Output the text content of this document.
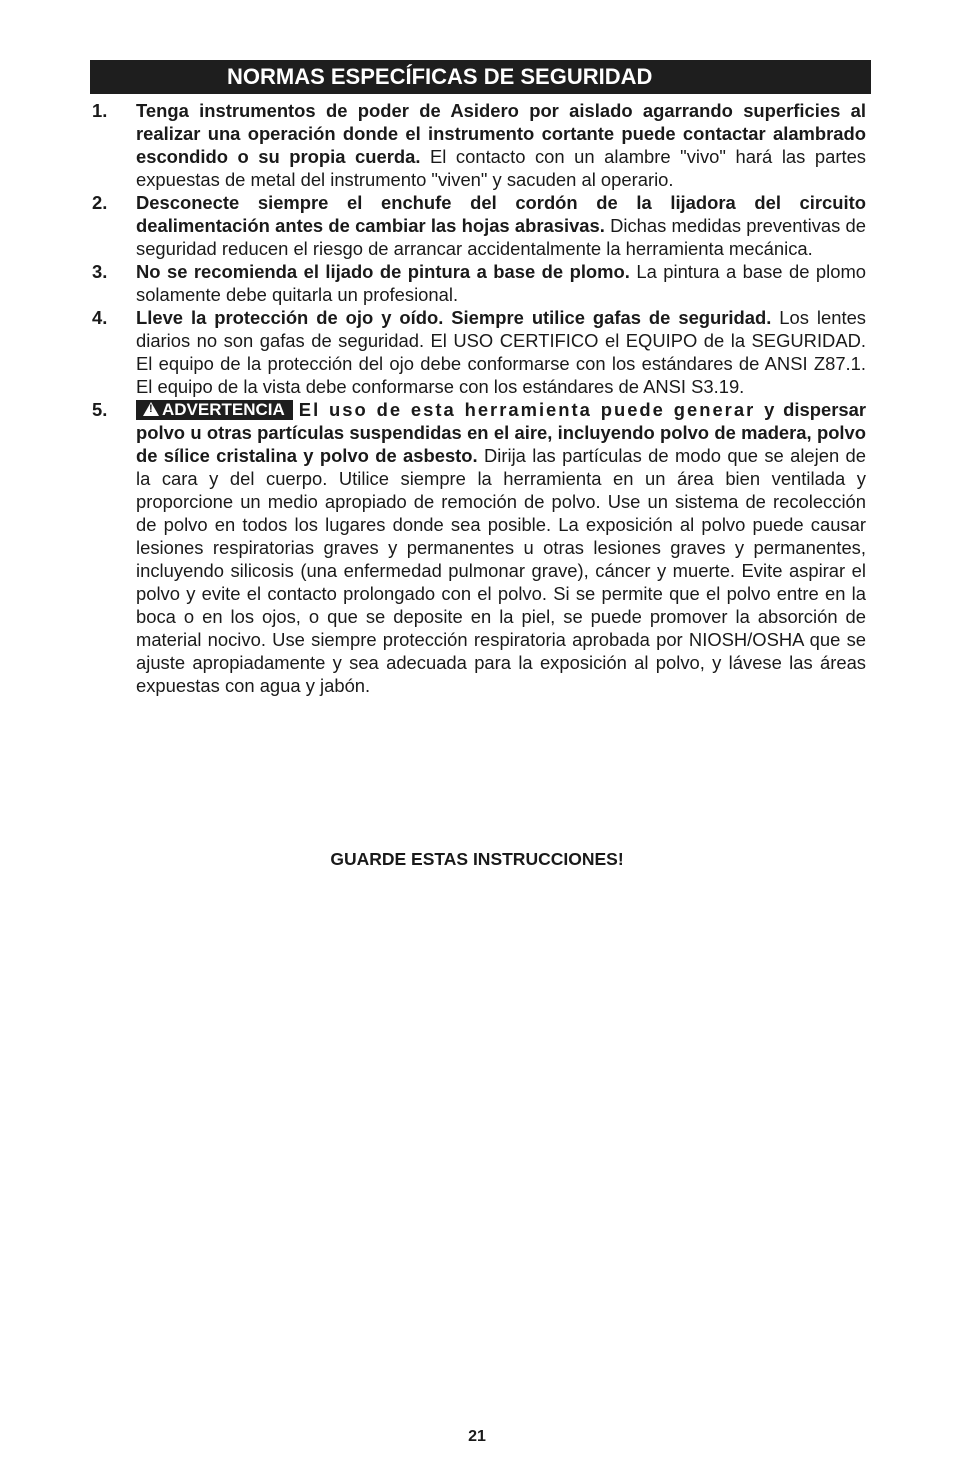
NORMAS ESPECÍFICAS DE SEGURIDAD
1. Tenga instrumentos de poder de Asidero por aislado agarrando superficies al realizar una operación donde el instrumento cortante puede contactar alambrado escondido o su propia cuerda. El contacto con un alambre "vivo" hará las partes expuestas de metal del instrumento "viven" y sacuden al operario.
2. Desconecte siempre el enchufe del cordón de la lijadora del circuito dealimentación antes de cambiar las hojas abrasivas. Dichas medidas preventivas de seguridad reducen el riesgo de arrancar accidentalmente la herramienta mecánica.
3. No se recomienda el lijado de pintura a base de plomo. La pintura a base de plomo solamente debe quitarla un profesional.
4. Lleve la protección de ojo y oído. Siempre utilice gafas de seguridad. Los lentes diarios no son gafas de seguridad. El USO CERTIFICO el EQUIPO de la SEGURIDAD. El equipo de la protección del ojo debe conformarse con los estándares de ANSI Z87.1. El equipo de la vista debe conformarse con los estándares de ANSI S3.19.
5.
!	ADVERTENCIA El uso de esta herramienta puede generar y dispersar polvo u otras partículas suspendidas en el aire, incluyendo polvo de madera, polvo de sílice cristalina y polvo de asbesto. Dirija las partículas de modo que se alejen de la cara y del cuerpo. Utilice siempre la herramienta en un área bien ventilada y proporcione un medio apropiado de remoción de polvo. Use un sistema de recolección de polvo en todos los lugares donde sea posible. La exposición al polvo puede causar lesiones respiratorias graves y permanentes u otras lesiones graves y permanentes, incluyendo silicosis (una enfermedad pulmonar grave), cáncer y muerte. Evite aspirar el polvo y evite el contacto prolongado con el polvo. Si se permite que el polvo entre en la boca o en los ojos, o que se deposite en la piel, se puede promover la absorción de material nocivo. Use siempre protección respiratoria aprobada por NIOSH/OSHA que se ajuste apropiadamente y sea adecuada para la exposición al polvo, y lávese las áreas expuestas con agua y jabón.
GUARDE ESTAS INSTRUCCIONES!
21
